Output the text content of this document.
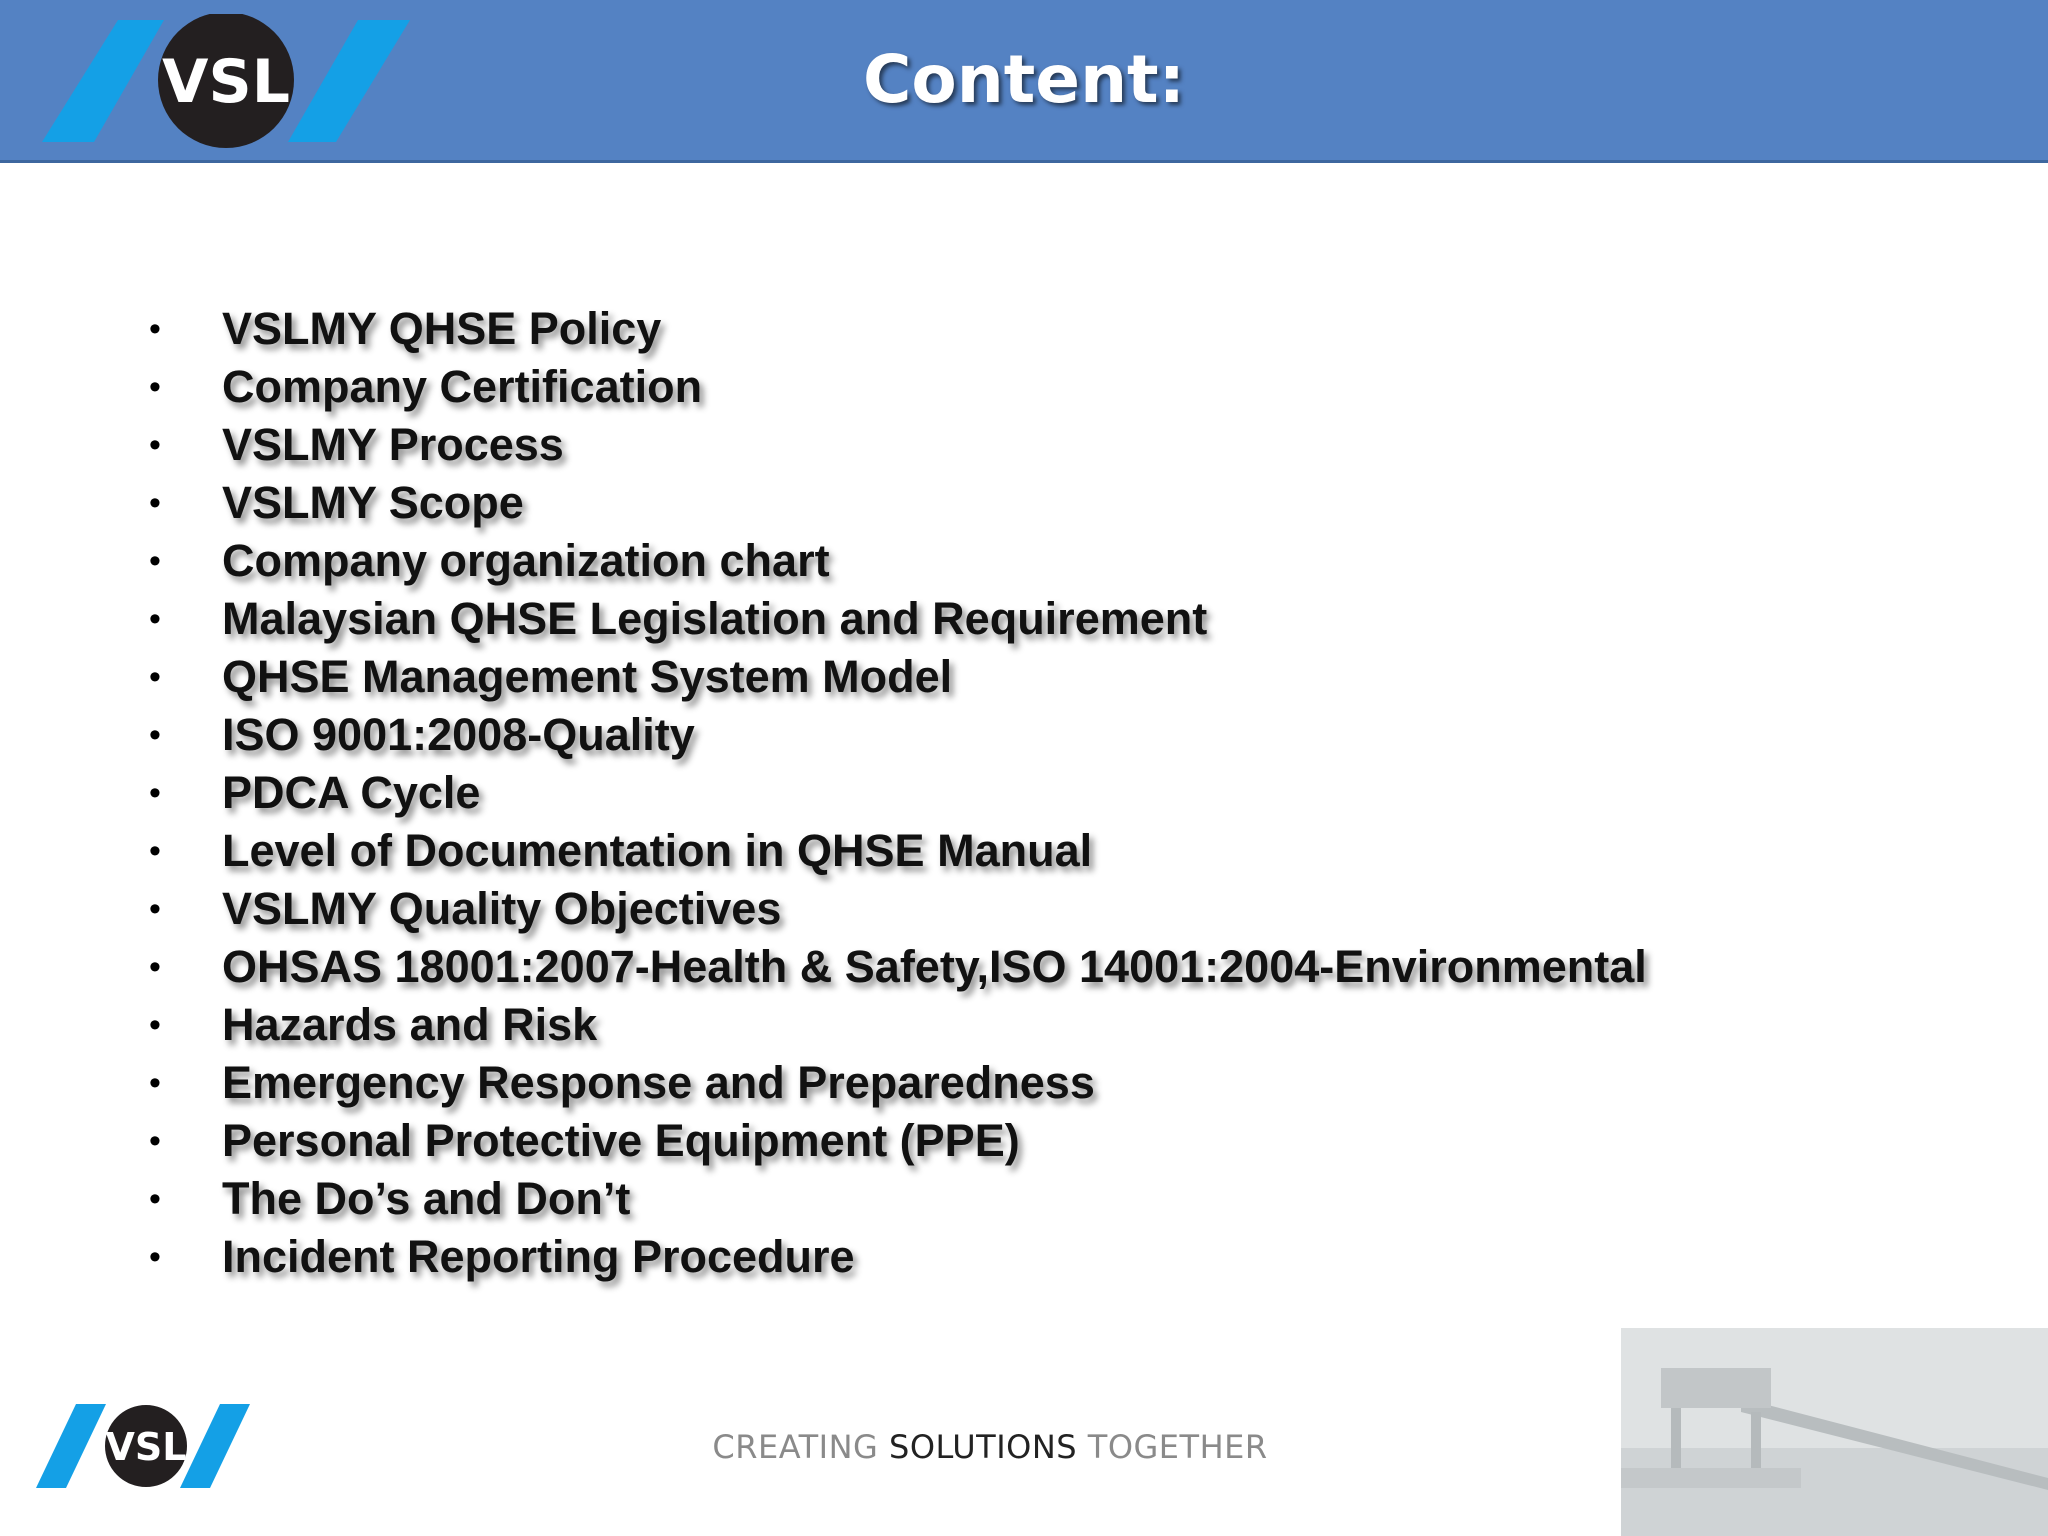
VSL	Content:
• VSLMY QHSE Policy
• Company Certification
• VSLMY Process
• VSLMY Scope
• Company organization chart
• Malaysian QHSE Legislation and Requirement
• QHSE Management System Model
• ISO 9001:2008-Quality
• PDCA Cycle
• Level of Documentation in QHSE Manual
• VSLMY Quality Objectives
• OHSAS 18001:2007-Health & Safety,ISO 14001:2004-Environmental
• Hazards and Risk
• Emergency Response and Preparedness
• Personal Protective Equipment (PPE)
• The Do’s and Don’t
• Incident Reporting Procedure
VSL	CREATING SOLUTIONS TOGETHER
